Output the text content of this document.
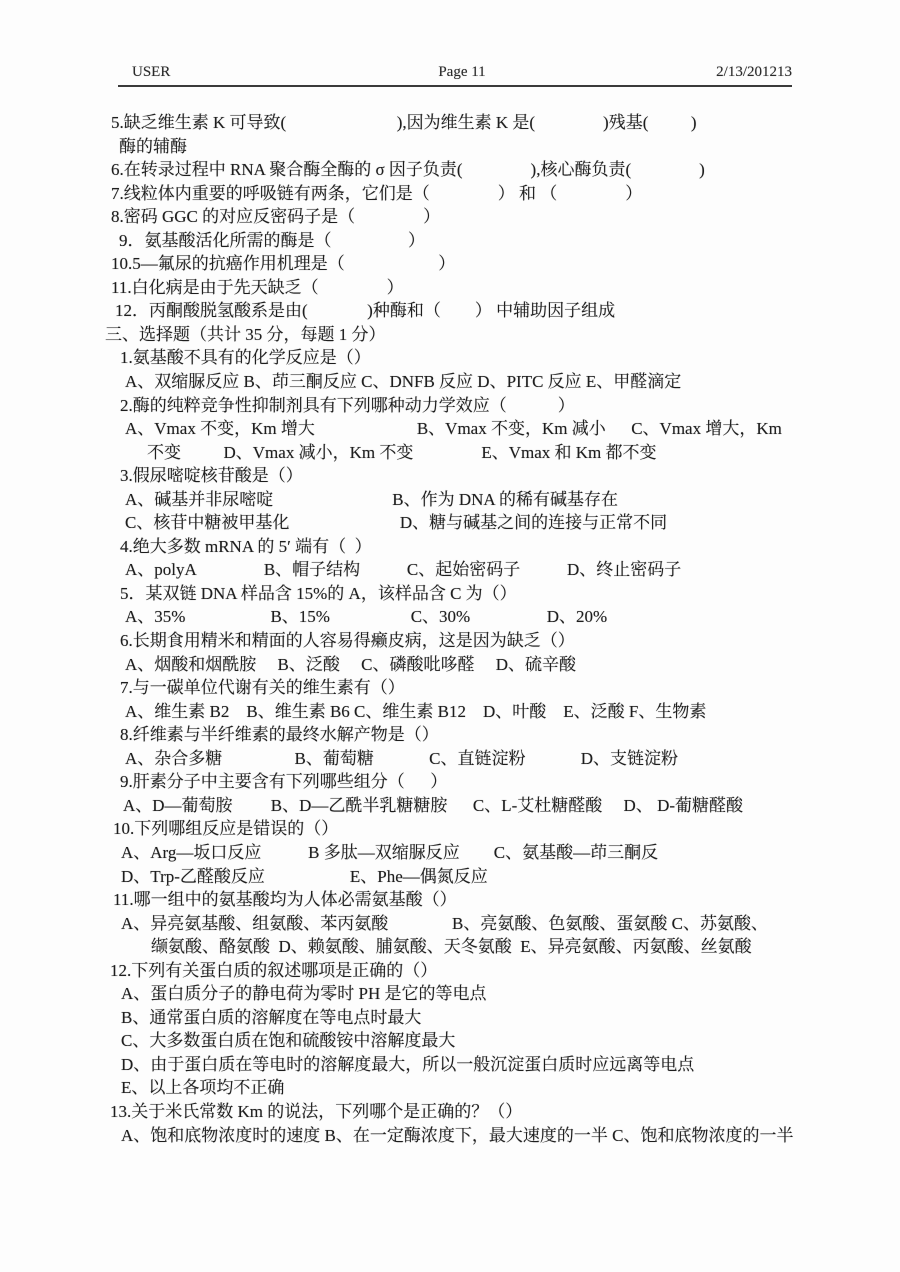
USER	Page 11	2/13/201213
5.缺乏维生素 K 可导致(                          ),因为维生素 K 是(                )残基(          )
酶的辅酶
6.在转录过程中 RNA 聚合酶全酶的 σ 因子负责(                ),核心酶负责(                )
7.线粒体内重要的呼吸链有两条，它们是（                ） 和 （                ）
8.密码 GGC 的对应反密码子是（                ）
9．氨基酸活化所需的酶是（                  ）
10.5—氟尿的抗癌作用机理是（                      ）
11.白化病是由于先天缺乏（                ）
12．丙酮酸脱氢酸系是由(              )种酶和（        ） 中辅助因子组成
三、选择题（共计 35 分，每题 1 分）
1.氨基酸不具有的化学反应是（）
A、双缩脲反应 B、茚三酮反应 C、DNFB 反应 D、PITC 反应 E、甲醛滴定
2.酶的纯粹竞争性抑制剂具有下列哪种动力学效应（            ）
A、Vmax 不变，Km 增大                        B、Vmax 不变，Km 减小      C、Vmax 增大，Km
不变          D、Vmax 减小，Km 不变                E、Vmax 和 Km 都不变
3.假尿嘧啶核苷酸是（）
A、碱基并非尿嘧啶                            B、作为 DNA 的稀有碱基存在
C、核苷中糖被甲基化                          D、糖与碱基之间的连接与正常不同
4.绝大多数 mRNA 的 5′ 端有（  ）
A、polyA                B、帽子结构           C、起始密码子           D、终止密码子
5．某双链 DNA 样品含 15%的 A，该样品含 C 为（）
A、35%                    B、15%                   C、30%                  D、20%
6.长期食用精米和精面的人容易得癞皮病，这是因为缺乏（）
A、烟酸和烟酰胺     B、泛酸     C、磷酸吡哆醛     D、硫辛酸
7.与一碳单位代谢有关的维生素有（）
A、维生素 B2    B、维生素 B6 C、维生素 B12    D、叶酸    E、泛酸 F、生物素
8.纤维素与半纤维素的最终水解产物是（）
A、杂合多糖                 B、葡萄糖             C、直链淀粉             D、支链淀粉
9.肝素分子中主要含有下列哪些组分（      ）
A、D—葡萄胺         B、D—乙酰半乳糖糖胺      C、L-艾杜糖醛酸     D、 D-葡糖醛酸
10.下列哪组反应是错误的（）
A、Arg—坂口反应           B 多肽—双缩脲反应        C、氨基酸—茚三酮反
D、Trp-乙醛酸反应                    E、Phe—偶氮反应
11.哪一组中的氨基酸均为人体必需氨基酸（）
A、异亮氨基酸、组氨酸、苯丙氨酸               B、亮氨酸、色氨酸、蛋氨酸 C、苏氨酸、
缬氨酸、酪氨酸  D、赖氨酸、脯氨酸、天冬氨酸  E、异亮氨酸、丙氨酸、丝氨酸
12.下列有关蛋白质的叙述哪项是正确的（）
A、蛋白质分子的静电荷为零时 PH 是它的等电点
B、通常蛋白质的溶解度在等电点时最大
C、大多数蛋白质在饱和硫酸铵中溶解度最大
D、由于蛋白质在等电时的溶解度最大，所以一般沉淀蛋白质时应远离等电点
E、以上各项均不正确
13.关于米氏常数 Km 的说法，下列哪个是正确的？（）
A、饱和底物浓度时的速度 B、在一定酶浓度下，最大速度的一半 C、饱和底物浓度的一半
